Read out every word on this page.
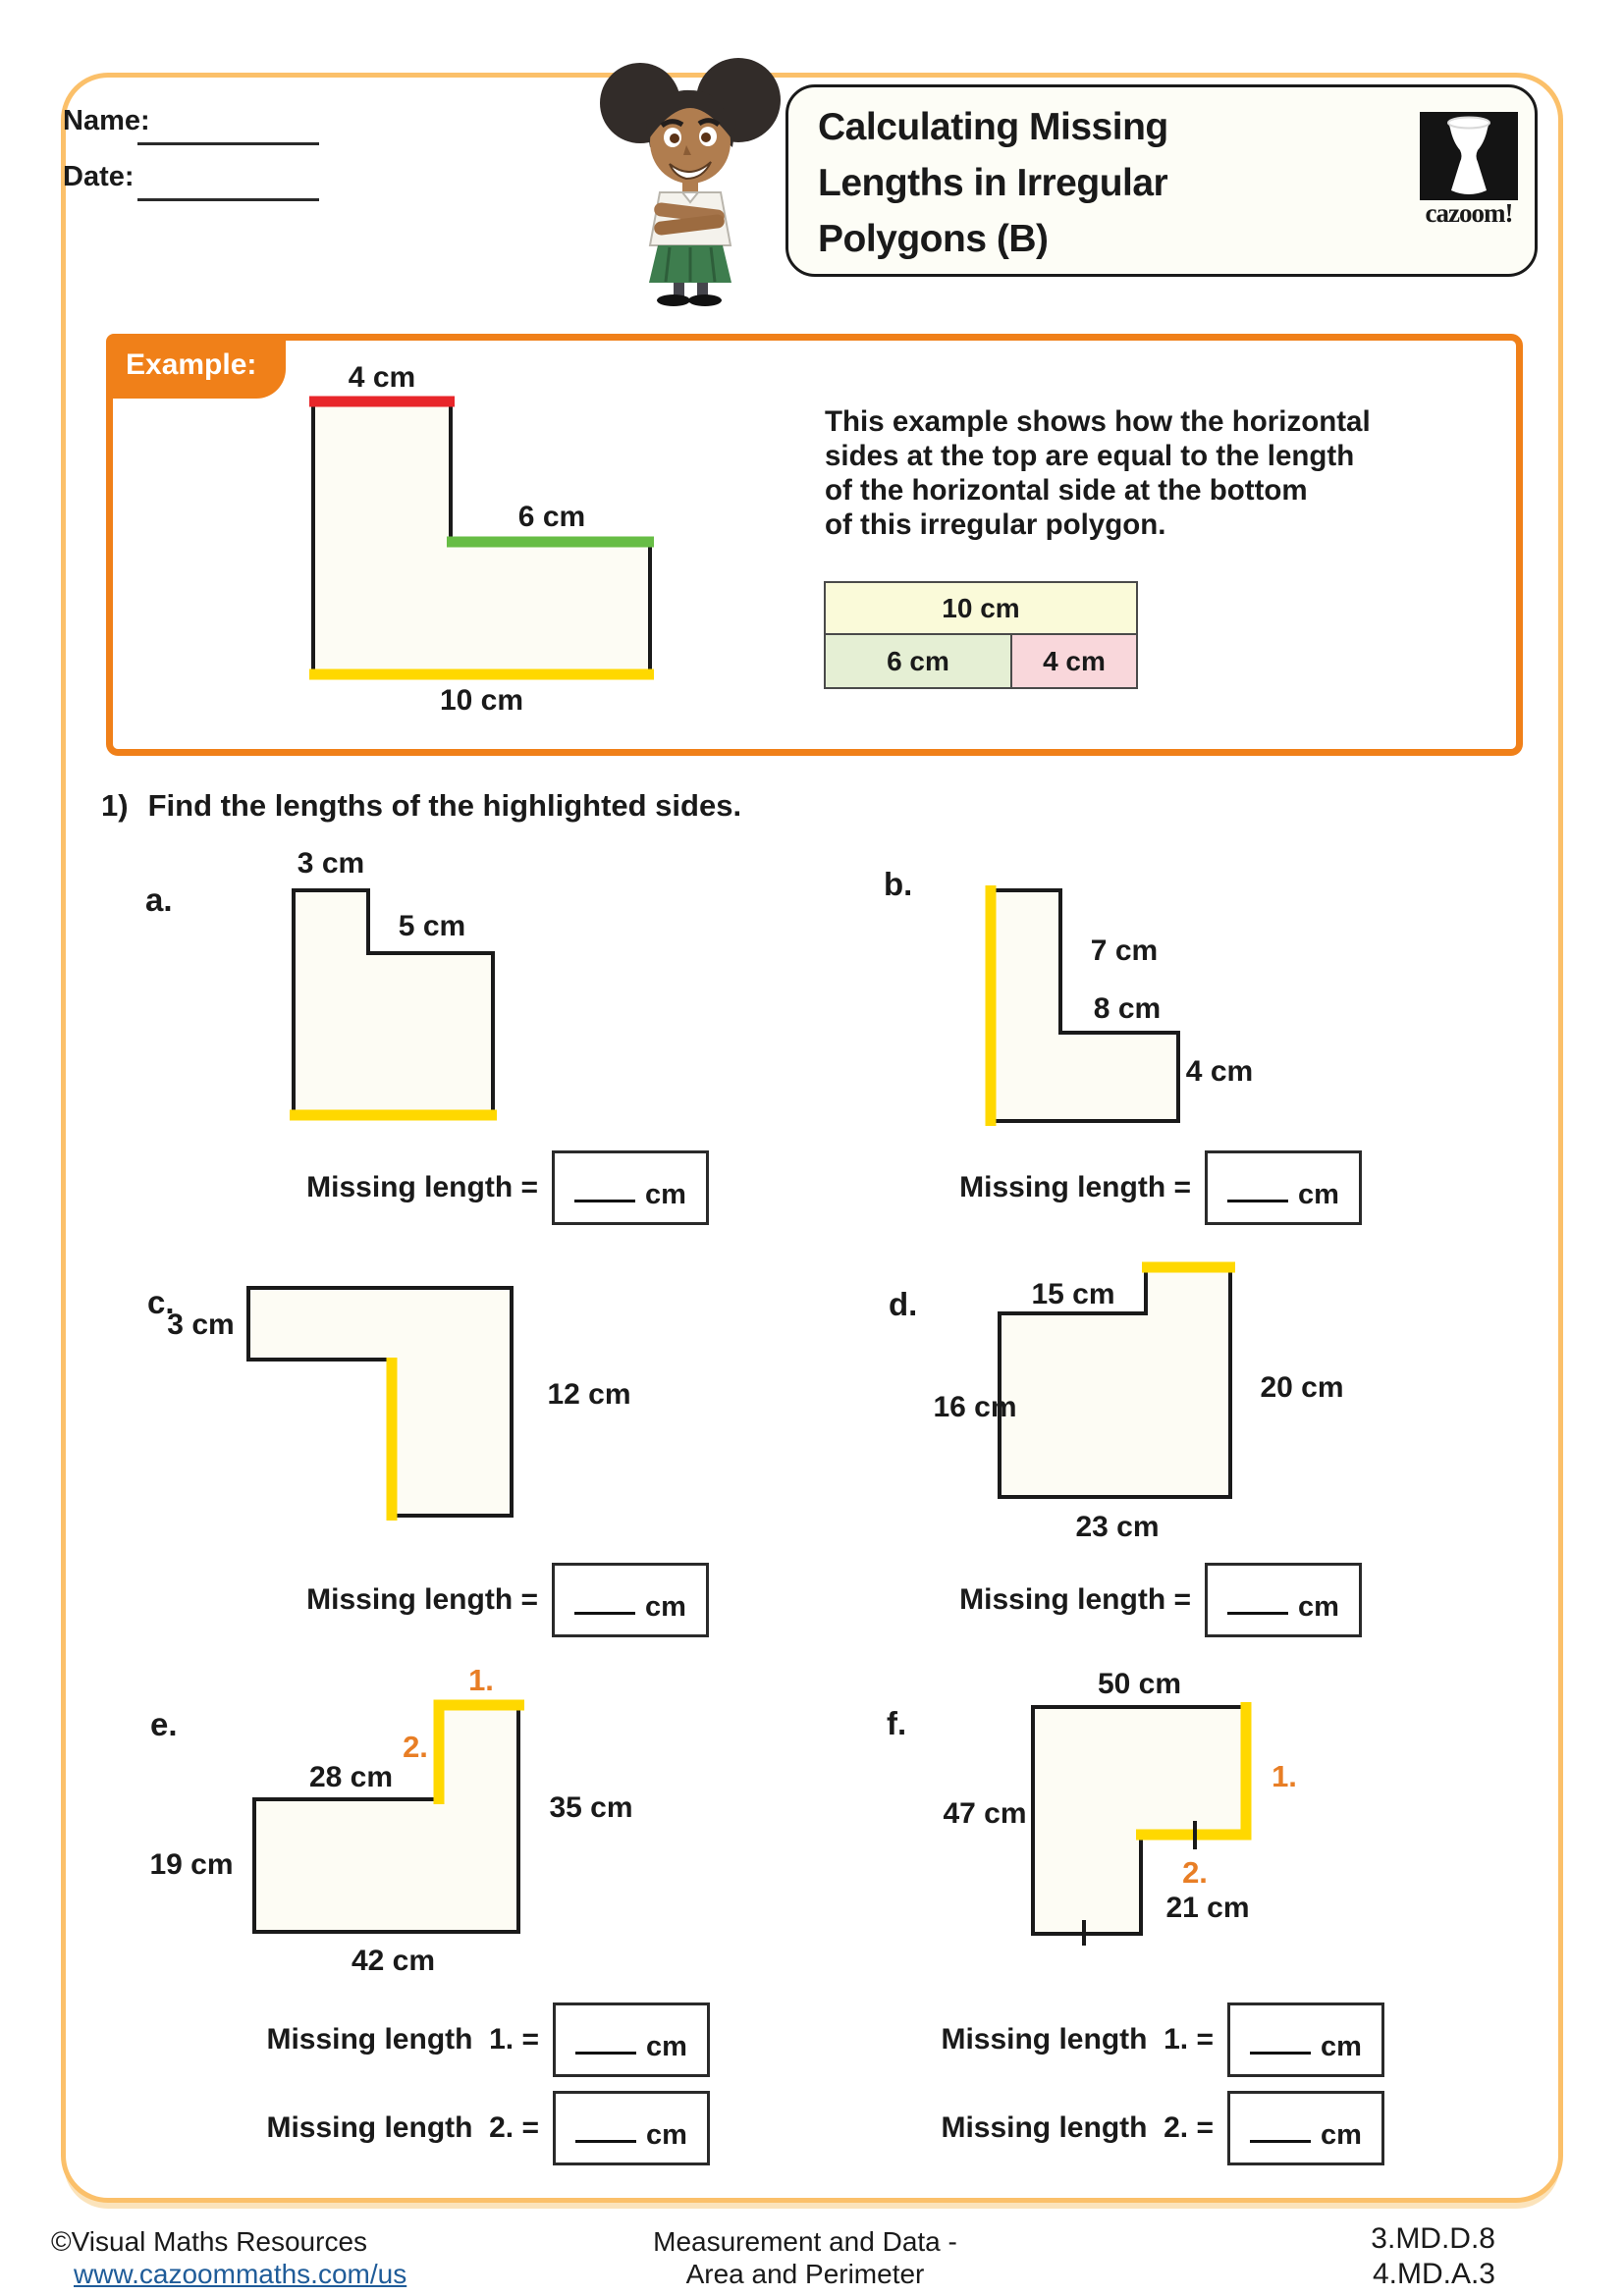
Name:
Date:
Calculating Missing
Lengths in Irregular
Polygons (B)
cazoom!
Example:	4 cm
6 cm
10 cm
This example shows how the horizontal
sides at the top are equal to the length
of the horizontal side at the bottom
of this irregular polygon.
10 cm
6 cm	4 cm
1) Find the lengths of the highlighted sides.
a.
3 cm
5 cm
Missing length =	cm
b.
7 cm
8 cm
4 cm
Missing length =	cm
c.
3 cm
12 cm
Missing length =	cm
d.	15 cm
16 cm
20 cm
23 cm
Missing length =	cm
e.
1.
2.
28 cm
35 cm
19 cm
42 cm
Missing length  1. =	cm
Missing length  2. =	cm
f.
50 cm
47 cm
1.
2.
21 cm
Missing length  1. =	cm
Missing length  2. =	cm
©Visual Maths Resources
www.cazoommaths.com/us
Measurement and Data -
Area and Perimeter
3.MD.D.8
4.MD.A.3
